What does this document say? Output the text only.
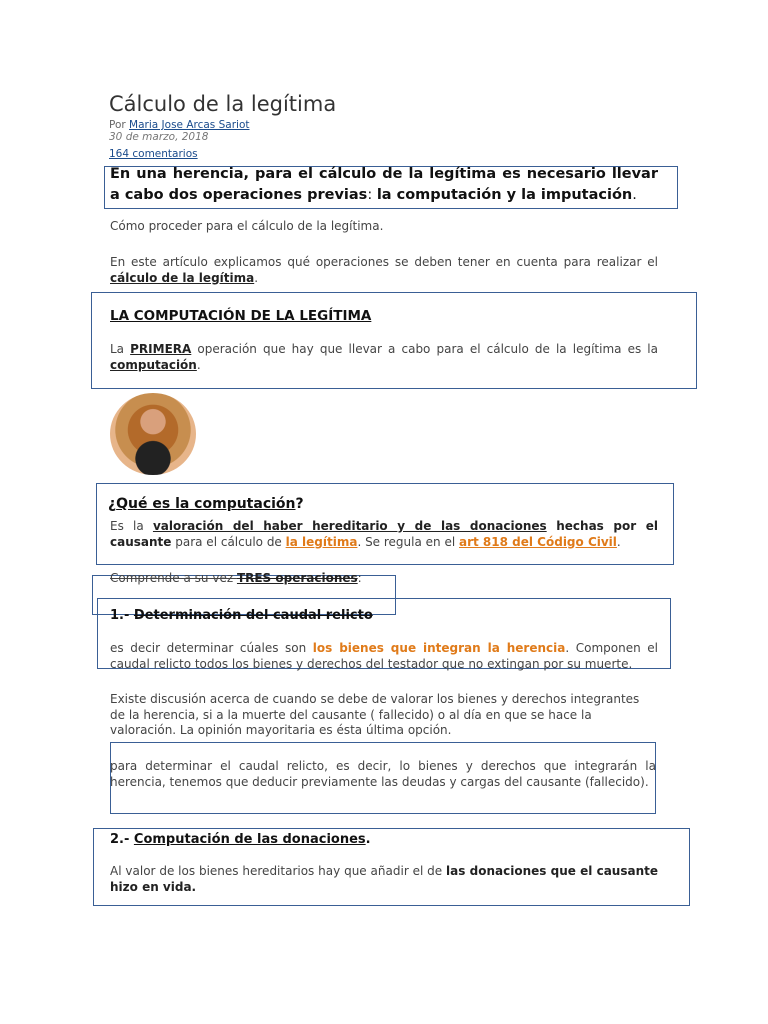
Cálculo de la legítima
Por Maria Jose Arcas Sariot
30 de marzo, 2018
164 comentarios
En una herencia, para el cálculo de la legítima es necesario llevar a cabo dos operaciones previas: la computación y la imputación.
Cómo proceder para el cálculo de la legítima.
En este artículo explicamos qué operaciones se deben tener en cuenta para realizar el cálculo de la legítima.
LA COMPUTACIÓN DE LA LEGÍTIMA
La PRIMERA operación que hay que llevar a cabo para el cálculo de la legítima es la computación.
¿Qué es la computación?
Es la valoración del haber hereditario y de las donaciones hechas por el causante para el cálculo de la legítima. Se regula en el art 818 del Código Civil.
Comprende a su vez TRES operaciones:
1.- Determinación del caudal relicto
es decir determinar cúales son los bienes que integran la herencia. Componen el caudal relicto todos los bienes y derechos del testador que no extingan por su muerte.
Existe discusión acerca de cuando se debe de valorar los bienes y derechos integrantes de la herencia, si a la muerte del causante ( fallecido) o al día en que se hace la valoración. La opinión mayoritaria es ésta última opción.
para determinar el caudal relicto, es decir, lo bienes y derechos que integrarán la herencia, tenemos que deducir previamente las deudas y cargas del causante (fallecido).
2.- Computación de las donaciones.
Al valor de los bienes hereditarios hay que añadir el de las donaciones que el causante hizo en vida.
